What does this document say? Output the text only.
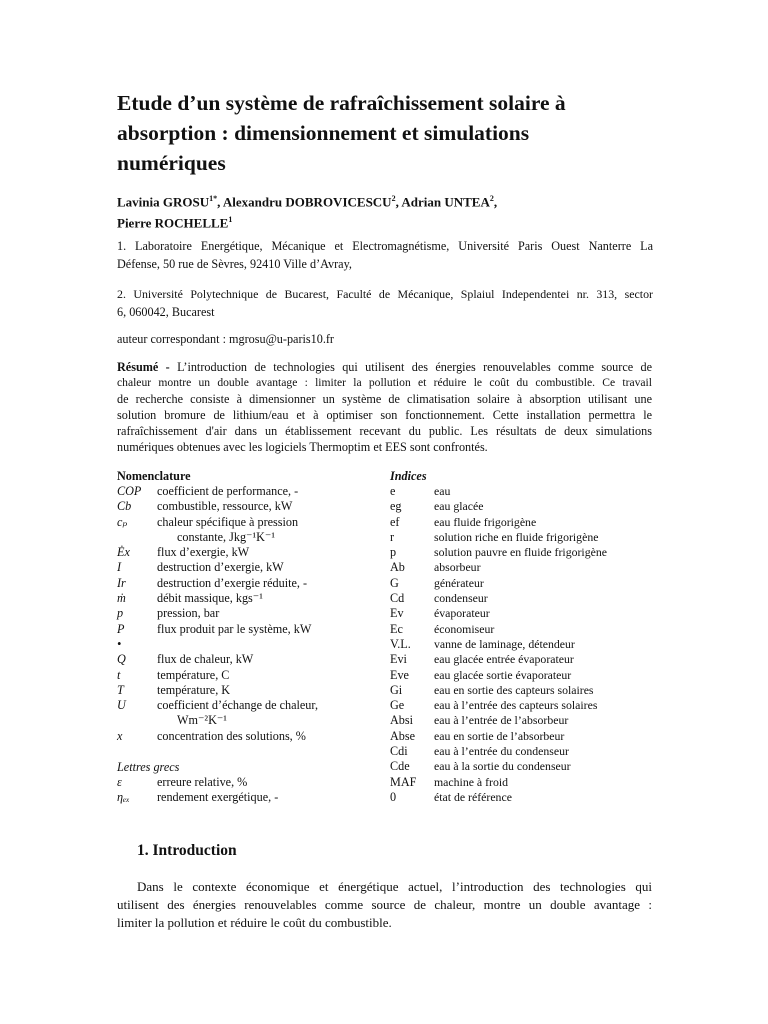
Etude d’un système de rafraîchissement solaire à
absorption : dimensionnement et simulations
numériques
Lavinia $GROSU^{1*}$, Alexandru DOBROVICESCU$^2$, Adrian UNTEA$^2$,
Pierre ROCHELLE$^1$
1. Laboratoire Energétique, Mécanique et Electromagnétisme, Université Paris Ouest Nanterre La
Défense, 50 rue de Sèvres, 92410 Ville d’Avray,
2. Université Polytechnique de Bucarest, Faculté de Mécanique, Splaiul Independentei nr. 313, sector
6, 060042, Bucarest
auteur correspondant : mgrosu@u-paris10.fr
Résumé - L’introduction de technologies qui utilisent des énergies renouvelables comme source de
chaleur montre un double avantage : limiter la pollution et réduire le coût du combustible. Ce travail
de recherche consiste à dimensionner un système de climatisation solaire à absorption utilisant une
solution bromure de lithium/eau et à optimiser son fonctionnement. Cette installation permettra le
rafraîchissement d'air dans un établissement recevant du public. Les résultats de deux simulations
numériques obtenues avec les logiciels Thermoptim et EES sont confrontés.
Nomenclature
COP	coefficient de performance, -
Cb	combustible, ressource, kW
cₚ	chaleur spécifique à pression
constante, Jkg⁻¹K⁻¹
Ėx	flux d’exergie, kW
I	destruction d’exergie, kW
Ir	destruction d’exergie réduite, -
ṁ	débit massique, kgs⁻¹
p	pression, bar
P	flux produit par le système, kW
•
Q	flux de chaleur, kW
t	température, C
T	température, K
U	coefficient d’échange de chaleur,
Wm⁻²K⁻¹
x	concentration des solutions, %
Lettres grecs
ε	erreure relative, %
ηₑₓ	rendement exergétique, -
Indices
e	eau
eg	eau glacée
ef	eau fluide frigorigène
r	solution riche en fluide frigorigène
p	solution pauvre en fluide frigorigène
Ab	absorbeur
G	générateur
Cd	condenseur
Ev	évaporateur
Ec	économiseur
V.L.	vanne de laminage, détendeur
Evi	eau glacée entrée évaporateur
Eve	eau glacée sortie évaporateur
Gi	eau en sortie des capteurs solaires
Ge	eau à l’entrée des capteurs solaires
Absi	eau à l’entrée de l’absorbeur
Abse	eau en sortie de l’absorbeur
Cdi	eau à l’entrée du condenseur
Cde	eau à la sortie du condenseur
MAF	machine à froid
0	état de référence
1. Introduction
Dans le contexte économique et énergétique actuel, l’introduction des technologies qui
utilisent des énergies renouvelables comme source de chaleur, montre un double avantage :
limiter la pollution et réduire le coût du combustible.
